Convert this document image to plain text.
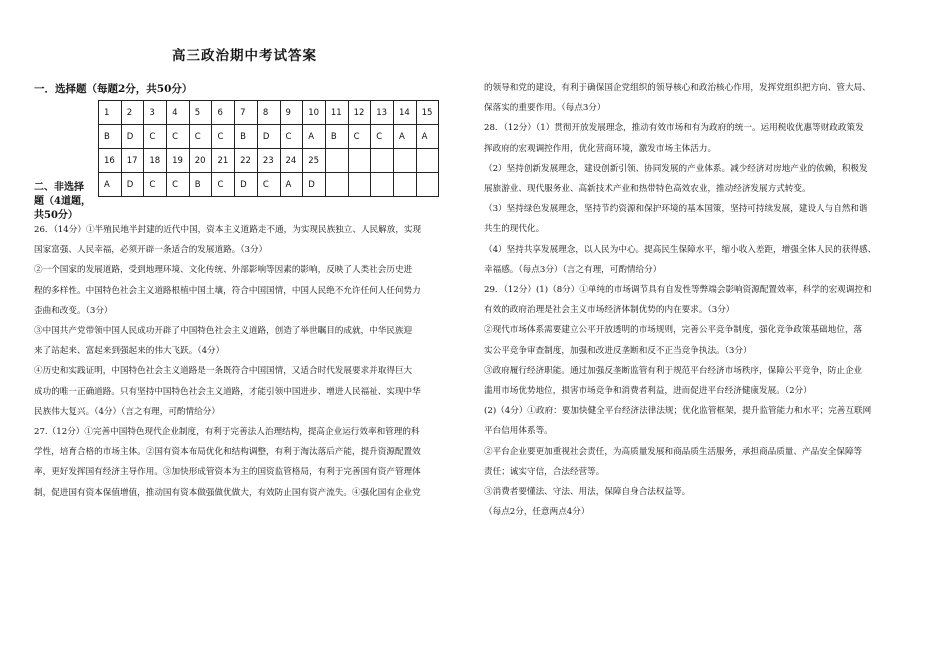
高三政治期中考试答案
一．选择题（每题2分，共50分）
1	2	3	4	5	6	7	8	9	10	11	12	13	14	15
B	D	C	C	C	C	B	D	C	A	B	C	C	A	A
16	17	18	19	20	21	22	23	24	25					
A	D	C	C	B	C	D	C	A	D					
二、非选择
题（4道题，
共50分）

26．（14分）①半殖民地半封建的近代中国，资本主义道路走不通，为实现民族独立、人民解放，实现

国家富强、人民幸福，必须开辟一条适合的发展道路。（3分）

②一个国家的发展道路，受到地理环境、文化传统、外部影响等因素的影响，反映了人类社会历史进

程的多样性。中国特色社会主义道路根植中国土壤，符合中国国情，中国人民绝不允许任何人任何势力

歪曲和改变。（3分）

③中国共产党带领中国人民成功开辟了中国特色社会主义道路，创造了举世瞩目的成就，中华民族迎

来了站起来、富起来到强起来的伟大飞跃。（4分）

④历史和实践证明，中国特色社会主义道路是一条既符合中国国情，又适合时代发展要求并取得巨大

成功的唯一正确道路。只有坚持中国特色社会主义道路，才能引领中国进步、增进人民福祉、实现中华

民族伟大复兴。（4分）（言之有理，可酌情给分）

27.（12分）①完善中国特色现代企业制度，有利于完善法人治理结构，提高企业运行效率和管理的科

学性，培育合格的市场主体。②国有资本布局优化和结构调整，有利于淘汰落后产能，提升资源配置效

率，更好发挥国有经济主导作用。③加快形成管资本为主的国资监管格局，有利于完善国有资产管理体

制，促进国有资本保值增值，推动国有资本做强做优做大，有效防止国有资产流失。④强化国有企业党

的领导和党的建设，有利于确保国企党组织的领导核心和政治核心作用，发挥党组织把方向、管大局、

保落实的重要作用。（每点3分）

28．（12分）（1）贯彻开放发展理念，推动有效市场和有为政府的统一。运用税收优惠等财政政策发

挥政府的宏观调控作用，优化营商环境，激发市场主体活力。

（2）坚持创新发展理念，建设创新引领、协同发展的产业体系。减少经济对房地产业的依赖，积极发

展旅游业、现代服务业、高新技术产业和热带特色高效农业，推动经济发展方式转变。

（3）坚持绿色发展理念，坚持节约资源和保护环境的基本国策，坚持可持续发展，建设人与自然和谐

共生的现代化。

（4）坚持共享发展理念，以人民为中心。提高民生保障水平，缩小收入差距，增强全体人民的获得感、

幸福感。（每点3分）（言之有理，可酌情给分）

29．（12分）(1)（8分）①单纯的市场调节具有自发性等弊端会影响资源配置效率，科学的宏观调控和

有效的政府治理是社会主义市场经济体制优势的内在要求。（3分）

②现代市场体系需要建立公平开放透明的市场规则，完善公平竞争制度，强化竞争政策基础地位，落

实公平竞争审查制度，加强和改进反垄断和反不正当竞争执法。（3分）

③政府履行经济职能。通过加强反垄断监管有利于规范平台经济市场秩序，保障公平竞争，防止企业

滥用市场优势地位，损害市场竞争和消费者利益，进而促进平台经济健康发展。（2分）

(2)（4分）①政府：要加快健全平台经济法律法规；优化监管框架，提升监管能力和水平；完善互联网

平台信用体系等。

②平台企业要更加重视社会责任，为高质量发展和商品质生活服务，承担商品质量、产品安全保障等

责任；诚实守信，合法经营等。

③消费者要懂法、守法、用法，保障自身合法权益等。

（每点2分，任意两点4分）
